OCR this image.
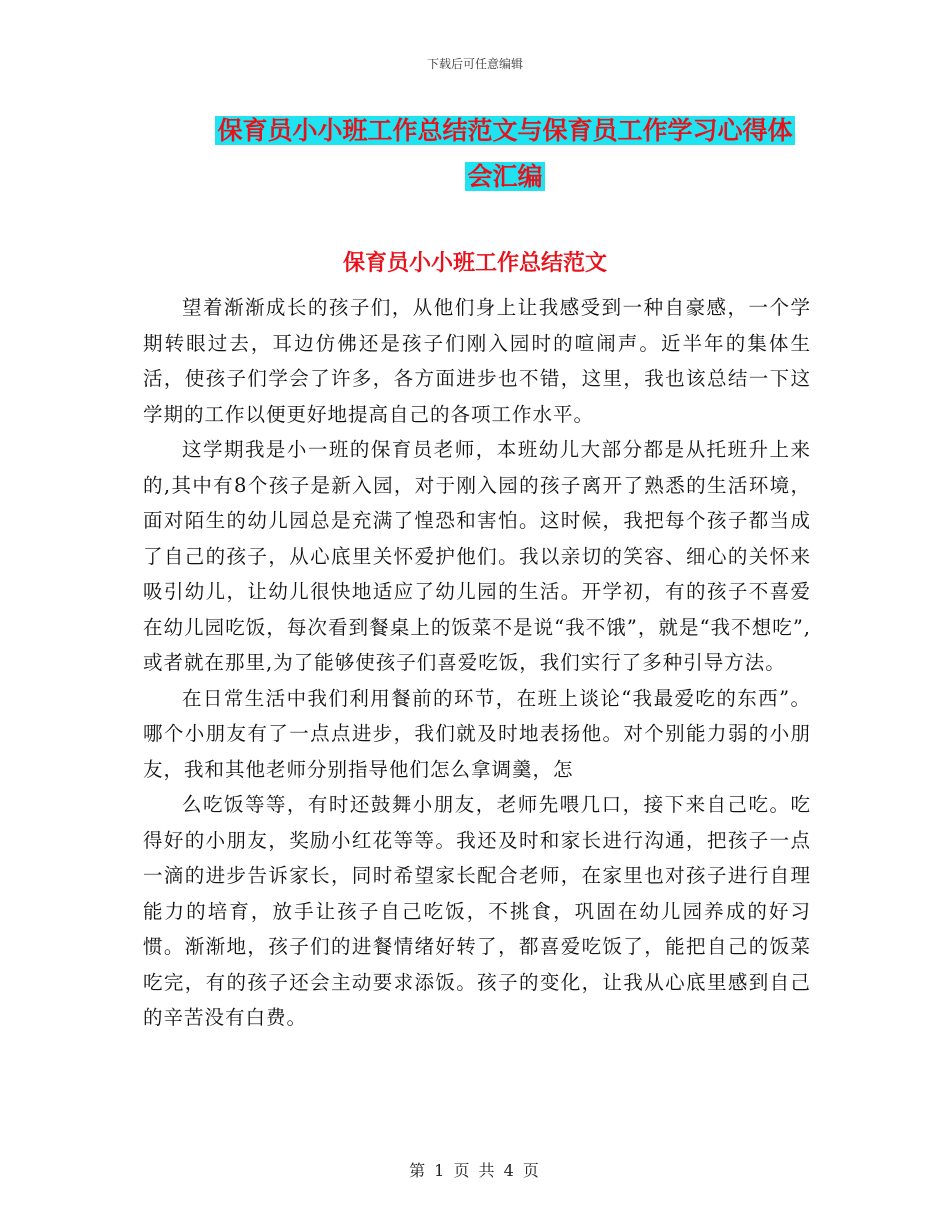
下载后可任意编辑
保育员小小班工作总结范文与保育员工作学习心得体
会汇编
保育员小小班工作总结范文

望着渐渐成长的孩子们，从他们身上让我感受到一种自豪感，一个学期转眼过去，耳边仿佛还是孩子们刚入园时的喧闹声。近半年的集体生活，使孩子们学会了许多，各方面进步也不错，这里，我也该总结一下这学期的工作以便更好地提高自己的各项工作水平。

这学期我是小一班的保育员老师，本班幼儿大部分都是从托班升上来的,其中有8个孩子是新入园，对于刚入园的孩子离开了熟悉的生活环境，面对陌生的幼儿园总是充满了惶恐和害怕。这时候，我把每个孩子都当成了自己的孩子，从心底里关怀爱护他们。我以亲切的笑容、细心的关怀来吸引幼儿，让幼儿很快地适应了幼儿园的生活。开学初，有的孩子不喜爱在幼儿园吃饭，每次看到餐桌上的饭菜不是说“我不饿”，就是“我不想吃”,或者就在那里,为了能够使孩子们喜爱吃饭，我们实行了多种引导方法。

在日常生活中我们利用餐前的环节，在班上谈论“我最爱吃的东西”。哪个小朋友有了一点点进步，我们就及时地表扬他。对个别能力弱的小朋友，我和其他老师分别指导他们怎么拿调羹，怎

么吃饭等等，有时还鼓舞小朋友，老师先喂几口，接下来自己吃。吃得好的小朋友，奖励小红花等等。我还及时和家长进行沟通，把孩子一点一滴的进步告诉家长，同时希望家长配合老师，在家里也对孩子进行自理能力的培育，放手让孩子自己吃饭，不挑食，巩固在幼儿园养成的好习惯。渐渐地，孩子们的进餐情绪好转了，都喜爱吃饭了，能把自己的饭菜吃完，有的孩子还会主动要求添饭。孩子的变化，让我从心底里感到自己的辛苦没有白费。

第 1 页 共 4 页
